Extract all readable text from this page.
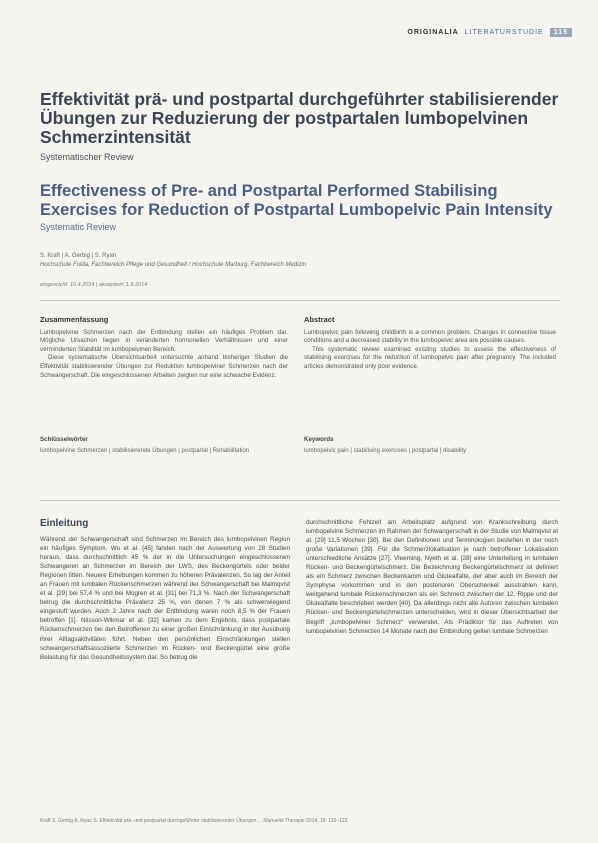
ORIGINALIA LITERATURSTUDIE	115
Effektivität prä- und postpartal durchgeführter stabilisierender Übungen zur Reduzierung der postpartalen lumbopelvinen Schmerzintensität
Systematischer Review
Effectiveness of Pre- and Postpartal Performed Stabilising Exercises for Reduction of Postpartal Lumbopelvic Pain Intensity
Systematic Review
S. Kraft | A. Gerbig | S. Ryan
Hochschule Fulda, Fachbereich Pflege und Gesundheit / Hochschule Marburg, Fachbereich Medizin
eingereicht: 10.4.2014 | akzeptiert: 1.9.2014
Zusammenfassung

Lumbopelvine Schmerzen nach der Entbindung stellen ein häufiges Problem dar. Mögliche Ursachen liegen in veränderten hormonellen Verhältnissen und einer verminderten Stabilität im lumbopelvinen Bereich.

Diese systematische Übersichtsarbeit untersuchte anhand bisheriger Studien die Effektivität stabilisierender Übungen zur Reduktion lumbopelviner Schmerzen nach der Schwangerschaft. Die eingeschlossenen Arbeiten zeigten nur eine schwache Evidenz.

Abstract

Lumbopelvic pain following childbirth is a common problem. Changes in connective tissue conditions and a decreased stability in the lumbopelvic area are possible causes.

This systematic review examined existing studies to assess the effectiveness of stabilising exercises for the reduction of lumbopelvic pain after pregnancy. The included articles demonstrated only poor evidence.

Schlüsselwörter
lumbopelvine Schmerzen | stabilisierende Übungen | postpartal | Rehabilitation
Keywords
lumbopelvic pain | stabilising exercises | postpartal | disability
Einleitung
Während der Schwangerschaft sind Schmerzen im Bereich des lumbopelvinen Region ein häufiges Symptom. Wu et al. [45] fanden nach der Auswertung von 28 Studien heraus, dass durchschnittlich 45 % der in die Untersuchungen eingeschlossenen Schwangeren an Schmerzen im Bereich der LWS, des Beckengürtels oder beider Regionen litten. Neuere Erhebungen kommen zu höheren Prävalenzen. So lag der Anteil an Frauen mit lumbalen Rückenschmerzen während der Schwangerschaft bei Malmqvist et al. [29] bei 57,4 % und bei Mogren et al. [31] bei 71,3 %. Nach der Schwangerschaft betrug die durchschnittliche Prävalenz 25 %, von denen 7 % als schwerwiegend eingestuft wurden. Auch 2 Jahre nach der Entbindung waren noch 8,5 % der Frauen betroffen [1]. Nilsson-Wikmar et al. [32] kamen zu dem Ergebnis, dass postpartale Rückenschmerzen bei den Betroffenen zu einer großen Einschränkung in der Ausübung ihrer Alltagsaktivitäten führt. Neben den persönlichen Einschränkungen stellen schwangerschaftsassoziierte Schmerzen im Rücken- und Beckengürtel eine große Belastung für das Gesundheitssystem dar. So betrug die
durchschnittliche Fehlzeit am Arbeitsplatz aufgrund von Krankschreibung durch lumbopelvine Schmerzen im Rahmen der Schwangerschaft in der Studie von Malmqvist et al. [29] 11,5 Wochen [30]. Bei den Definitionen und Terminologien bestehen in der noch große Variationen [39]. Für die Schmerzlokalisation je nach betroffener Lokalisation unterschiedliche Ansätze [27]. Vleeming, Nyeth et al. [28] eine Unterteilung in lumbalen Rücken- und Beckengürtelschmerz. Die Bezeichnung Beckengürtelschmerz ist definiert als ein Schmerz zwischen Beckenkamm und Glutealfalte, der aber auch im Bereich der Symphyse vorkommen und in den posterioren Oberschenkel ausstrahlen kann, weitgehend lumbale Rückenschmerzen als ein Schmerz zwischen der 12. Rippe und der Glutealfalte beschrieben werden [40]. Da allerdings nicht alle Autoren zwischen lumbalen Rücken- und Beckengürtelschmerzen unterscheiden, wird in dieser Übersichtsarbeit der Begriff „lumbopelviner Schmerz“ verwendet. Als Prädiktor für das Auftreten von lumbopelvinen Schmerzen 14 Monate nach der Entbindung gelten lumbale Schmerzen
Kraft S, Gerbig A, Ryan S. Effektivität prä- und postpartal durchgeführter stabilisierender Übungen ... Manuelle Therapie 2014; 18: 115–123
